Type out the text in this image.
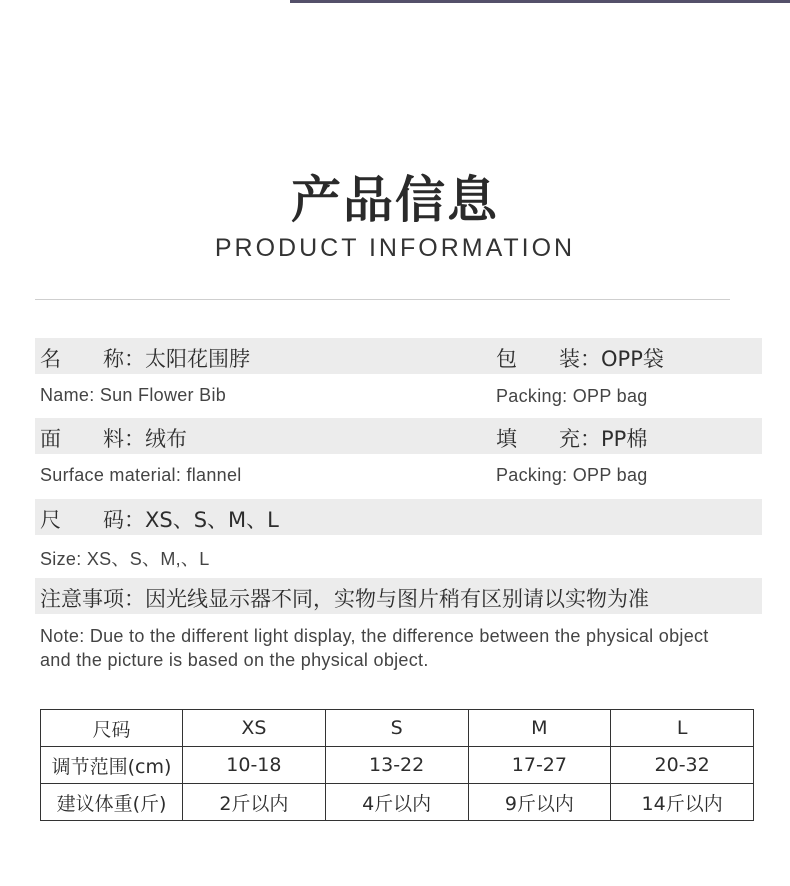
产品信息
PRODUCT INFORMATION
名　　称：太阳花围脖	包　　装：OPP袋
Name: Sun Flower Bib	Packing: OPP bag
面　　料：绒布	填　　充：PP棉
Surface material: flannel	Packing: OPP bag
尺　　码：XS、S、M、L
Size: XS、S、M,、L
注意事项：因光线显示器不同，实物与图片稍有区别请以实物为准
Note: Due to the different light display, the difference between the physical object and the picture is based on the physical object.
尺码	XS	S	M	L
调节范围(cm)	10-18	13-22	17-27	20-32
建议体重(斤)	2斤以内	4斤以内	9斤以内	14斤以内
